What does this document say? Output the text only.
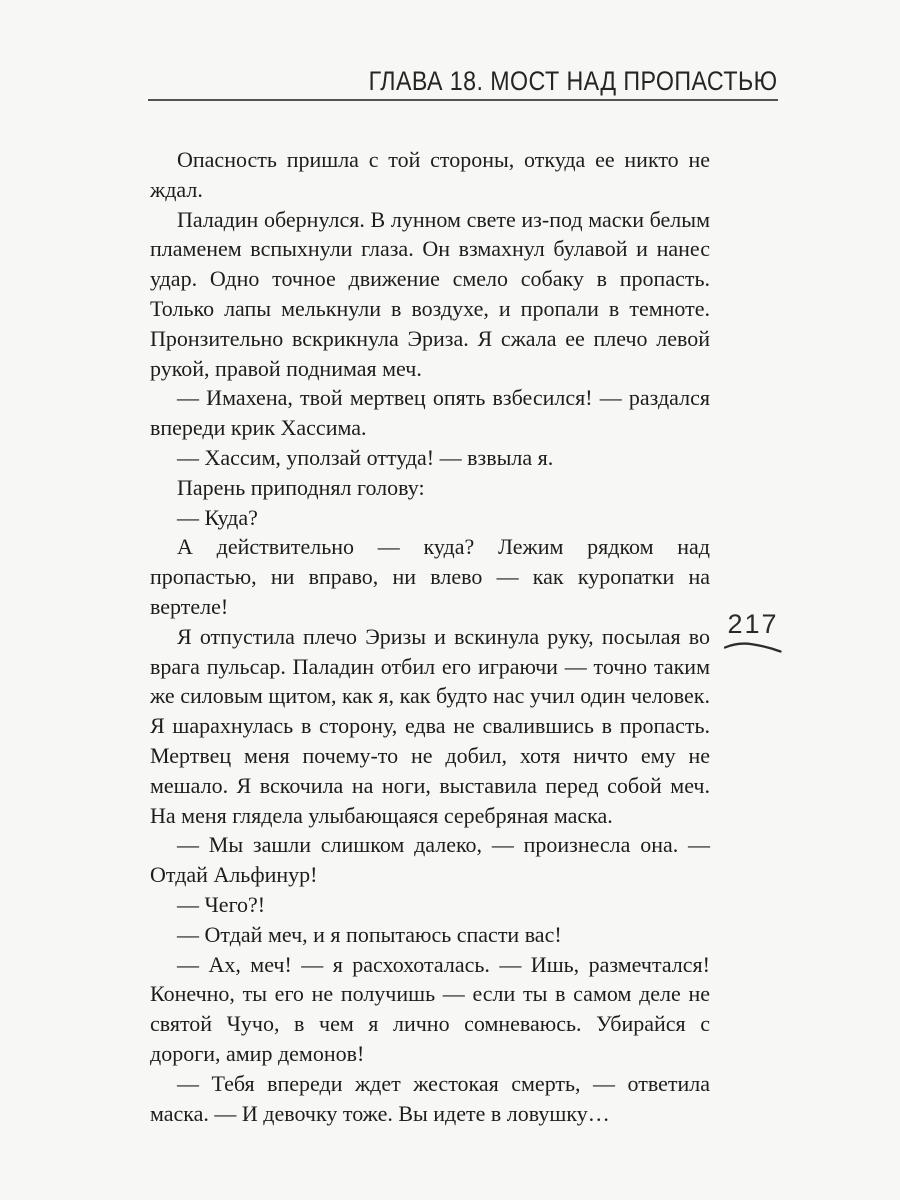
ГЛАВА 18. МОСТ НАД ПРОПАСТЬЮ

Опасность пришла с той стороны, откуда ее никто не ждал.

Паладин обернулся. В лунном свете из-под маски белым пламенем вспыхнули глаза. Он взмахнул булавой и нанес удар. Одно точное движение смело собаку в пропасть. Только лапы мелькнули в воздухе, и пропали в темноте. Пронзительно вскрикнула Эриза. Я сжала ее плечо левой рукой, правой поднимая меч.

— Имахена, твой мертвец опять взбесился! — раздался впереди крик Хассима.

— Хассим, уползай оттуда! — взвыла я.

Парень приподнял голову:

— Куда?

А действительно — куда? Лежим рядком над пропастью, ни вправо, ни влево — как куропатки на вертеле!

Я отпустила плечо Эризы и вскинула руку, посылая во врага пульсар. Паладин отбил его играючи — точно таким же силовым щитом, как я, как будто нас учил один человек. Я шарахнулась в сторону, едва не свалившись в пропасть. Мертвец меня почему-то не добил, хотя ничто ему не мешало. Я вскочила на ноги, выставила перед собой меч. На меня глядела улыбающаяся серебряная маска.

— Мы зашли слишком далеко, — произнесла она. — Отдай Альфинур!

— Чего?!

— Отдай меч, и я попытаюсь спасти вас!

— Ах, меч! — я расхохоталась. — Ишь, размечтался! Конечно, ты его не получишь — если ты в самом деле не святой Чучо, в чем я лично сомневаюсь. Убирайся с дороги, амир демонов!

— Тебя впереди ждет жестокая смерть, — ответила маска. — И девочку тоже. Вы идете в ловушку…

217
